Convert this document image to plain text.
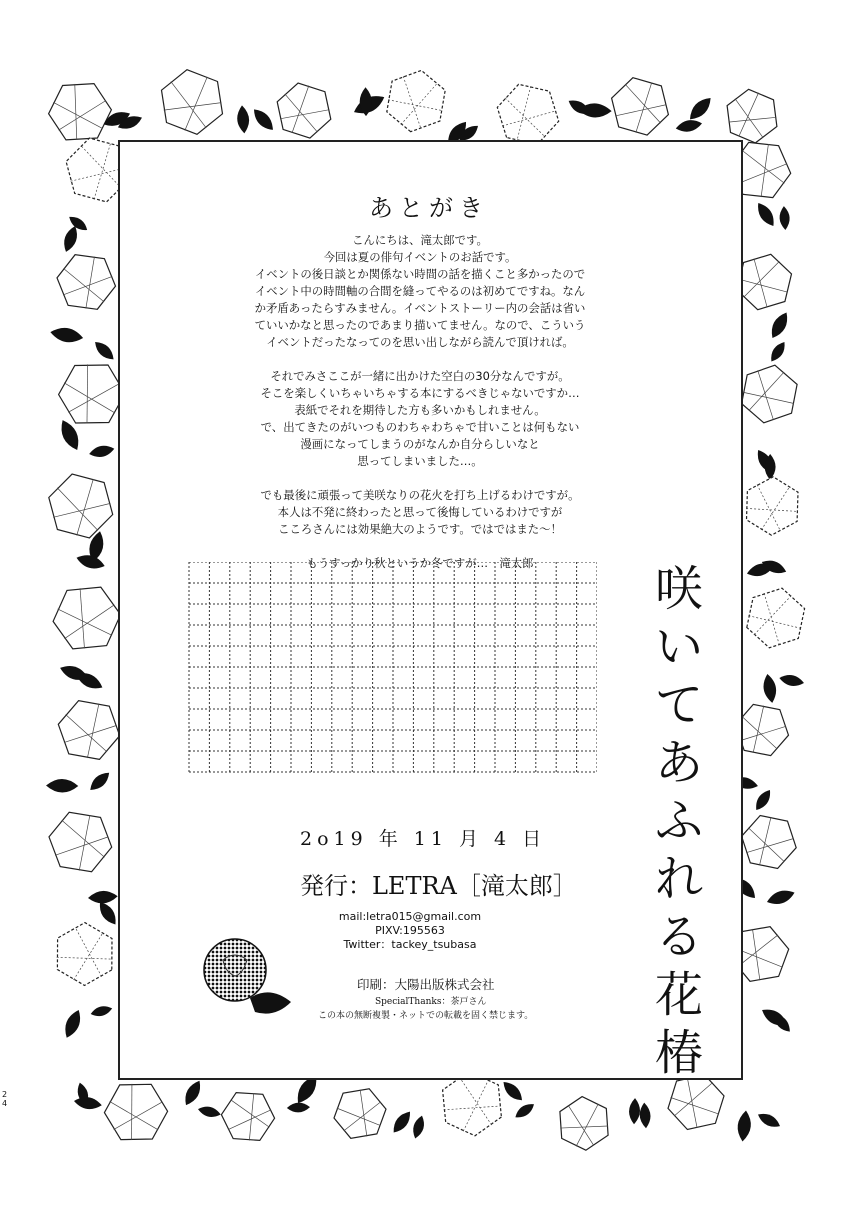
あとがき

こんにちは、滝太郎です。
今回は夏の俳句イベントのお話です。
イベントの後日談とか関係ない時間の話を描くこと多かったので
イベント中の時間軸の合間を縫ってやるのは初めてですね。なん
か矛盾あったらすみません。イベントストーリー内の会話は省い
ていいかなと思ったのであまり描いてません。なので、こういう
イベントだったなってのを思い出しながら読んで頂ければ。

それでみさここが一緒に出かけた空白の30分なんですが。
そこを楽しくいちゃいちゃする本にするべきじゃないですか…
表紙でそれを期待した方も多いかもしれません。
で、出てきたのがいつものわちゃわちゃで甘いことは何もない
漫画になってしまうのがなんか自分らしいなと
思ってしまいました…。

でも最後に頑張って美咲なりの花火を打ち上げるわけですが。
本人は不発に終わったと思って後悔しているわけですが
こころさんには効果絶大のようです。ではではまた～！

もうすっかり秋というか冬ですが…　滝太郎	咲
い
て
あ
ふ
れ
る
花
椿
2o19 年 11 月 4 日
発行：LETRA［滝太郎］
mail:letra015@gmail.com
PIXV:195563
Twitter：tackey_tsubasa
印刷：大陽出版株式会社
SpecialThanks：茶戸さん
この本の無断複製・ネットでの転載を固く禁じます。
2
4
